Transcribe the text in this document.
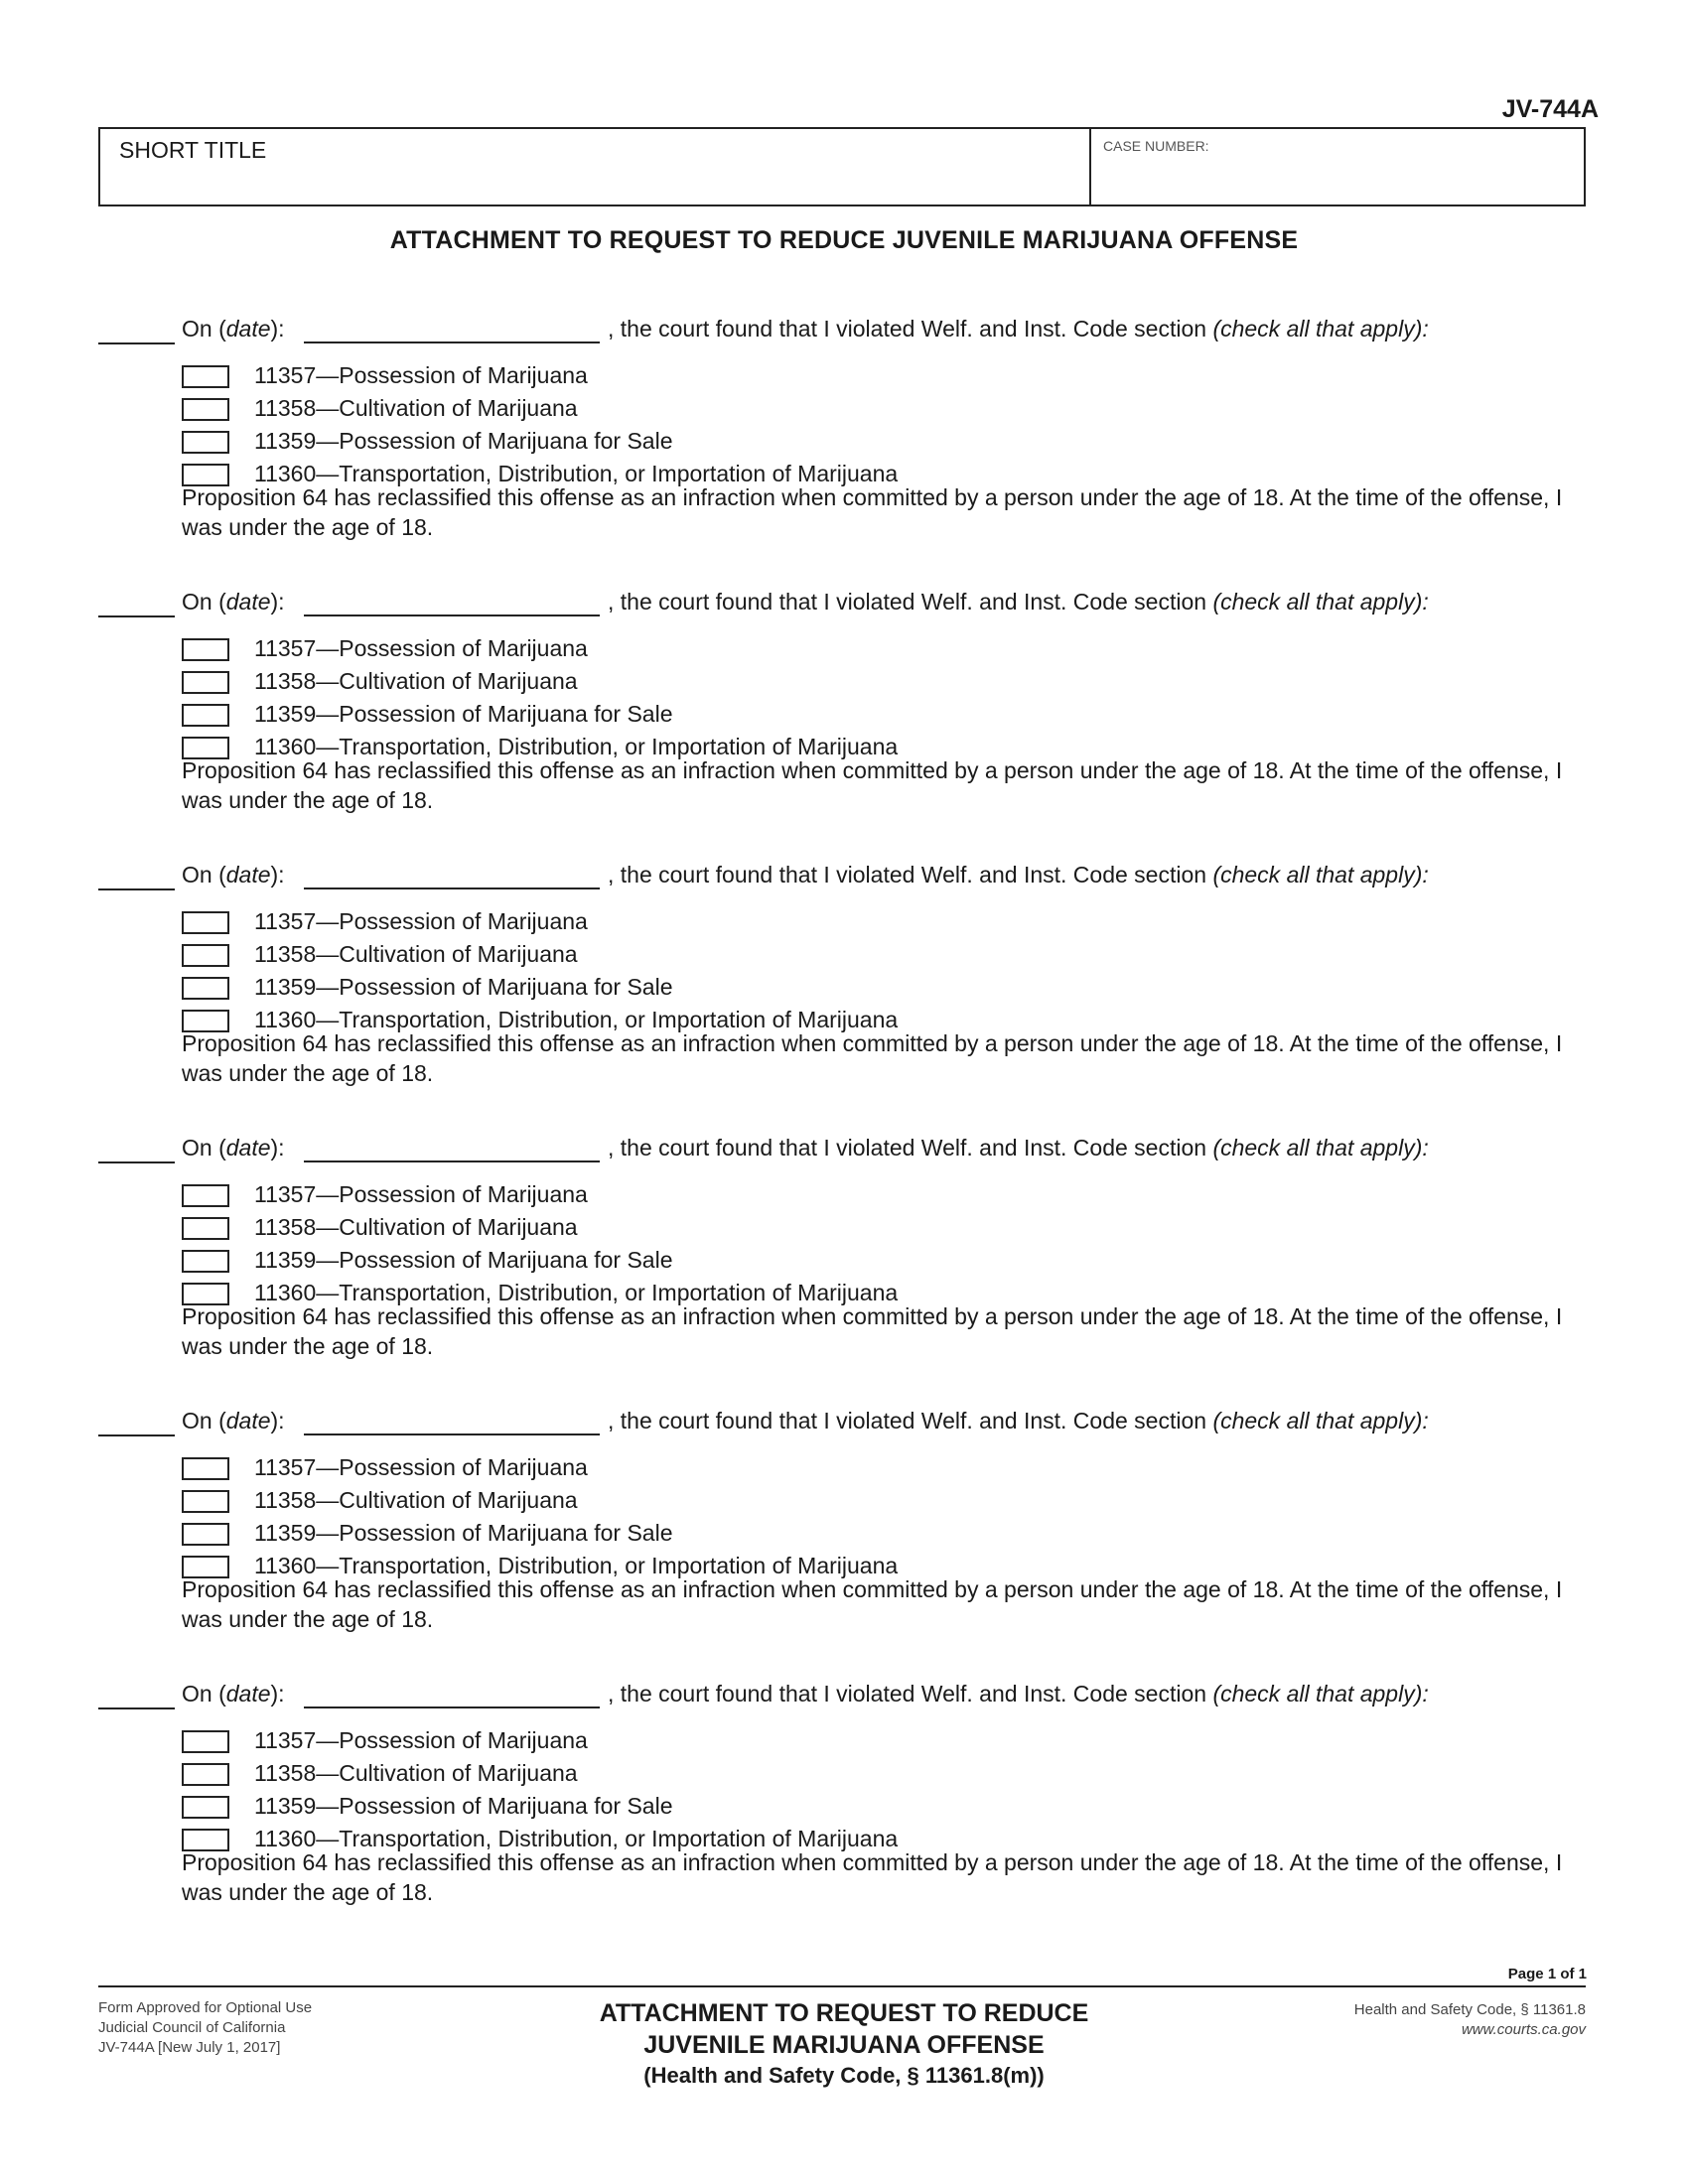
JV-744A
SHORT TITLE	CASE NUMBER:
ATTACHMENT TO REQUEST TO REDUCE JUVENILE MARIJUANA OFFENSE
On (date):	, the court found that I violated Welf. and Inst. Code section (check all that apply):
11357—Possession of Marijuana
11358—Cultivation of Marijuana
11359—Possession of Marijuana for Sale
11360—Transportation, Distribution, or Importation of Marijuana
Proposition 64 has reclassified this offense as an infraction when committed by a person under the age of 18. At the time of the offense, I was under the age of 18.
On (date):	, the court found that I violated Welf. and Inst. Code section (check all that apply):
11357—Possession of Marijuana
11358—Cultivation of Marijuana
11359—Possession of Marijuana for Sale
11360—Transportation, Distribution, or Importation of Marijuana
Proposition 64 has reclassified this offense as an infraction when committed by a person under the age of 18. At the time of the offense, I was under the age of 18.
On (date):	, the court found that I violated Welf. and Inst. Code section (check all that apply):
11357—Possession of Marijuana
11358—Cultivation of Marijuana
11359—Possession of Marijuana for Sale
11360—Transportation, Distribution, or Importation of Marijuana
Proposition 64 has reclassified this offense as an infraction when committed by a person under the age of 18. At the time of the offense, I was under the age of 18.
On (date):	, the court found that I violated Welf. and Inst. Code section (check all that apply):
11357—Possession of Marijuana
11358—Cultivation of Marijuana
11359—Possession of Marijuana for Sale
11360—Transportation, Distribution, or Importation of Marijuana
Proposition 64 has reclassified this offense as an infraction when committed by a person under the age of 18. At the time of the offense, I was under the age of 18.
On (date):	, the court found that I violated Welf. and Inst. Code section (check all that apply):
11357—Possession of Marijuana
11358—Cultivation of Marijuana
11359—Possession of Marijuana for Sale
11360—Transportation, Distribution, or Importation of Marijuana
Proposition 64 has reclassified this offense as an infraction when committed by a person under the age of 18. At the time of the offense, I was under the age of 18.
On (date):	, the court found that I violated Welf. and Inst. Code section (check all that apply):
11357—Possession of Marijuana
11358—Cultivation of Marijuana
11359—Possession of Marijuana for Sale
11360—Transportation, Distribution, or Importation of Marijuana
Proposition 64 has reclassified this offense as an infraction when committed by a person under the age of 18. At the time of the offense, I was under the age of 18.
Page 1 of 1
Form Approved for Optional Use
Judicial Council of California
JV-744A [New July 1, 2017]
ATTACHMENT TO REQUEST TO REDUCE
JUVENILE MARIJUANA OFFENSE
(Health and Safety Code, § 11361.8(m))
Health and Safety Code, § 11361.8
www.courts.ca.gov
